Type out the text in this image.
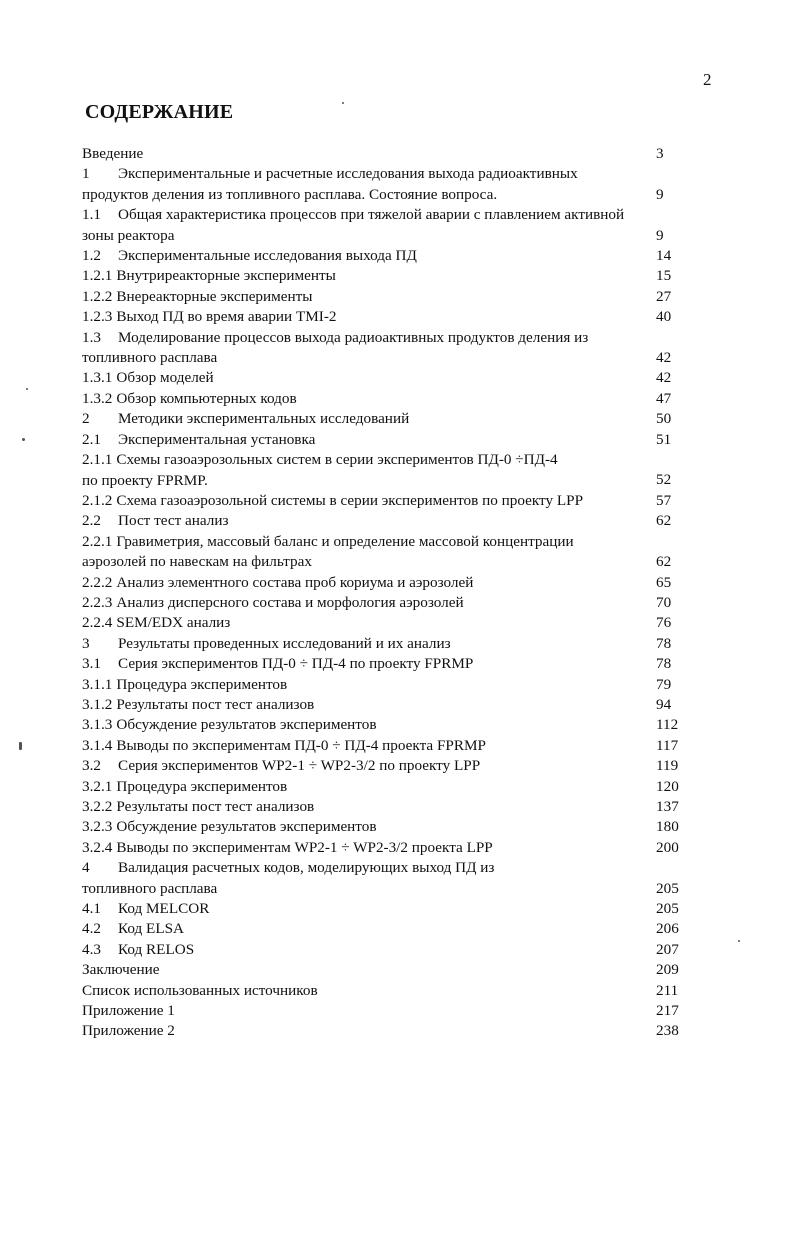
2
СОДЕРЖАНИЕ
Введение	3
1 Экспериментальные и расчетные исследования выхода радиоактивных
продуктов деления из топливного расплава. Состояние вопроса.	9
1.1 Общая характеристика процессов при тяжелой аварии с плавлением активной
зоны реактора	9
1.2 Экспериментальные исследования выхода ПД	14
1.2.1 Внутриреакторные эксперименты	15
1.2.2 Внереакторные эксперименты	27
1.2.3 Выход ПД во время аварии TMI-2	40
1.3 Моделирование процессов выхода радиоактивных продуктов деления из
топливного расплава	42
1.3.1 Обзор моделей	42
1.3.2 Обзор компьютерных кодов	47
2 Методики экспериментальных исследований	50
2.1 Экспериментальная установка	51
2.1.1 Схемы газоаэрозольных систем в серии экспериментов ПД-0 ÷ПД-4
по проекту FPRMP.	52
2.1.2 Схема газоаэрозольной системы в серии экспериментов по проекту LPP	57
2.2 Пост тест анализ	62
2.2.1 Гравиметрия, массовый баланс и определение массовой концентрации
аэрозолей по навескам на фильтрах	62
2.2.2 Анализ элементного состава проб кориума и аэрозолей	65
2.2.3 Анализ дисперсного состава и морфология аэрозолей	70
2.2.4 SEM/EDX анализ	76
3 Результаты проведенных исследований и их анализ	78
3.1 Серия экспериментов ПД-0 ÷ ПД-4 по проекту FPRMP	78
3.1.1 Процедура экспериментов	79
3.1.2 Результаты пост тест анализов	94
3.1.3 Обсуждение результатов экспериментов	112
3.1.4 Выводы по экспериментам ПД-0 ÷ ПД-4 проекта FPRMP	117
3.2 Серия экспериментов WP2-1 ÷ WP2-3/2 по проекту LPP	119
3.2.1 Процедура экспериментов	120
3.2.2 Результаты пост тест анализов	137
3.2.3 Обсуждение результатов экспериментов	180
3.2.4 Выводы по экспериментам WP2-1 ÷ WP2-3/2 проекта LPP	200
4 Валидация расчетных кодов, моделирующих выход ПД из
топливного расплава	205
4.1 Код MELCOR	205
4.2 Код ELSA	206
4.3 Код RELOS	207
Заключение	209
Список использованных источников	211
Приложение 1	217
Приложение 2	238
